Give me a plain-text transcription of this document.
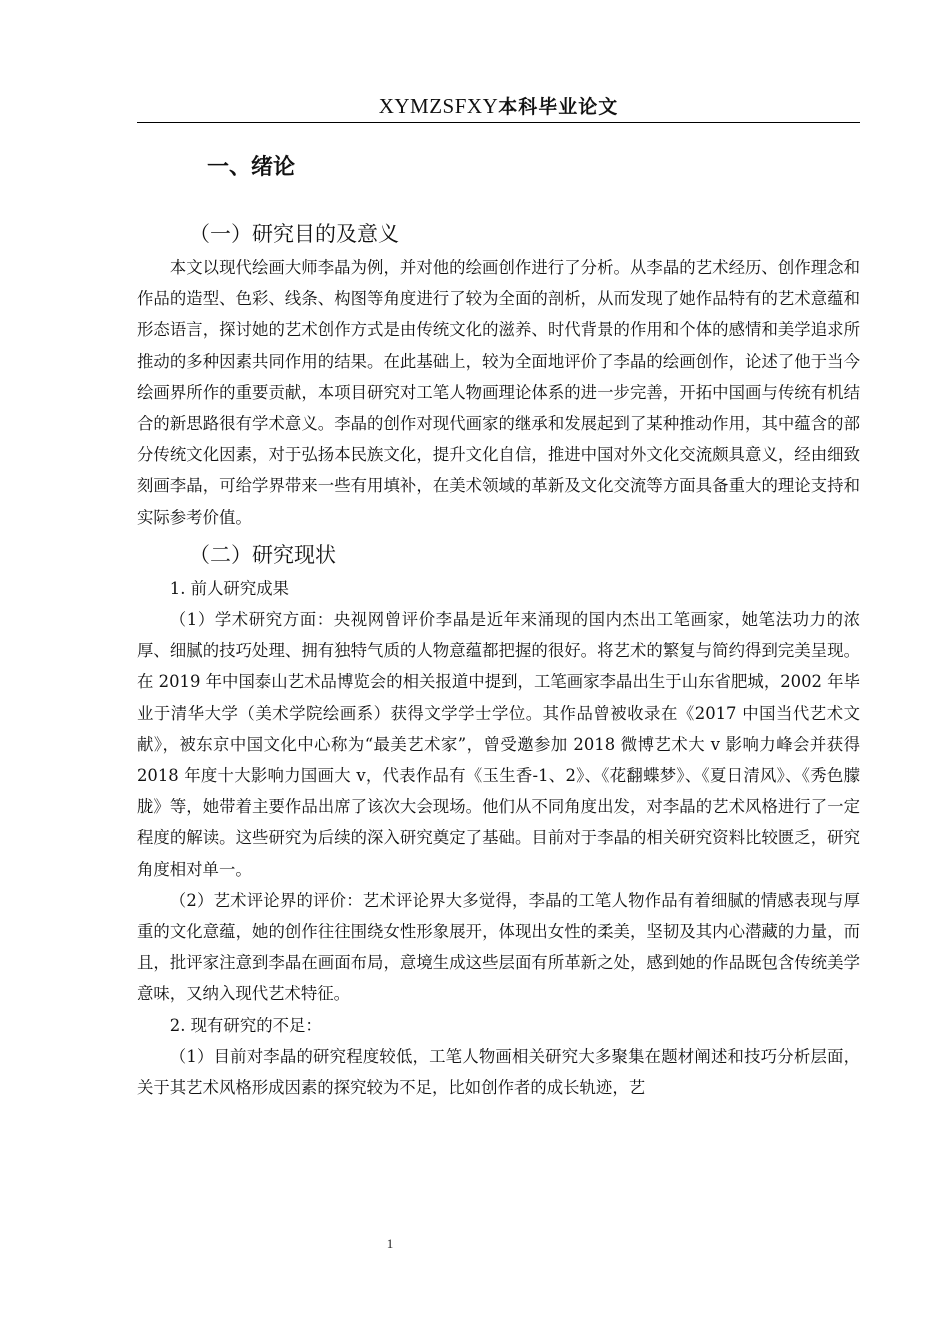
XYMZSFXY本科毕业论文
一、绪论
（一）研究目的及意义

本文以现代绘画大师李晶为例，并对他的绘画创作进行了分析。从李晶的艺术经历、创作理念和作品的造型、色彩、线条、构图等角度进行了较为全面的剖析，从而发现了她作品特有的艺术意蕴和形态语言，探讨她的艺术创作方式是由传统文化的滋养、时代背景的作用和个体的感情和美学追求所推动的多种因素共同作用的结果。在此基础上，较为全面地评价了李晶的绘画创作，论述了他于当今绘画界所作的重要贡献，本项目研究对工笔人物画理论体系的进一步完善，开拓中国画与传统有机结合的新思路很有学术意义。李晶的创作对现代画家的继承和发展起到了某种推动作用，其中蕴含的部分传统文化因素，对于弘扬本民族文化，提升文化自信，推进中国对外文化交流颇具意义，经由细致刻画李晶，可给学界带来一些有用填补，在美术领域的革新及文化交流等方面具备重大的理论支持和实际参考价值。

（二）研究现状

1. 前人研究成果

（1）学术研究方面：央视网曾评价李晶是近年来涌现的国内杰出工笔画家，她笔法功力的浓厚、细腻的技巧处理、拥有独特气质的人物意蕴都把握的很好。将艺术的繁复与简约得到完美呈现。在 2019 年中国泰山艺术品博览会的相关报道中提到，工笔画家李晶出生于山东省肥城，2002 年毕业于清华大学（美术学院绘画系）获得文学学士学位。其作品曾被收录在《2017 中国当代艺术文献》，被东京中国文化中心称为“最美艺术家”，曾受邀参加 2018 微博艺术大 v 影响力峰会并获得 2018 年度十大影响力国画大 v，代表作品有《玉生香-1、2》、《花翻蝶梦》、《夏日清风》、《秀色朦胧》等，她带着主要作品出席了该次大会现场。他们从不同角度出发，对李晶的艺术风格进行了一定程度的解读。这些研究为后续的深入研究奠定了基础。目前对于李晶的相关研究资料比较匮乏，研究角度相对单一。

（2）艺术评论界的评价：艺术评论界大多觉得，李晶的工笔人物作品有着细腻的情感表现与厚重的文化意蕴，她的创作往往围绕女性形象展开，体现出女性的柔美，坚韧及其内心潜藏的力量，而且，批评家注意到李晶在画面布局，意境生成这些层面有所革新之处，感到她的作品既包含传统美学意味，又纳入现代艺术特征。

2. 现有研究的不足：

（1）目前对李晶的研究程度较低，工笔人物画相关研究大多聚集在题材阐述和技巧分析层面，关于其艺术风格形成因素的探究较为不足，比如创作者的成长轨迹，艺

1
